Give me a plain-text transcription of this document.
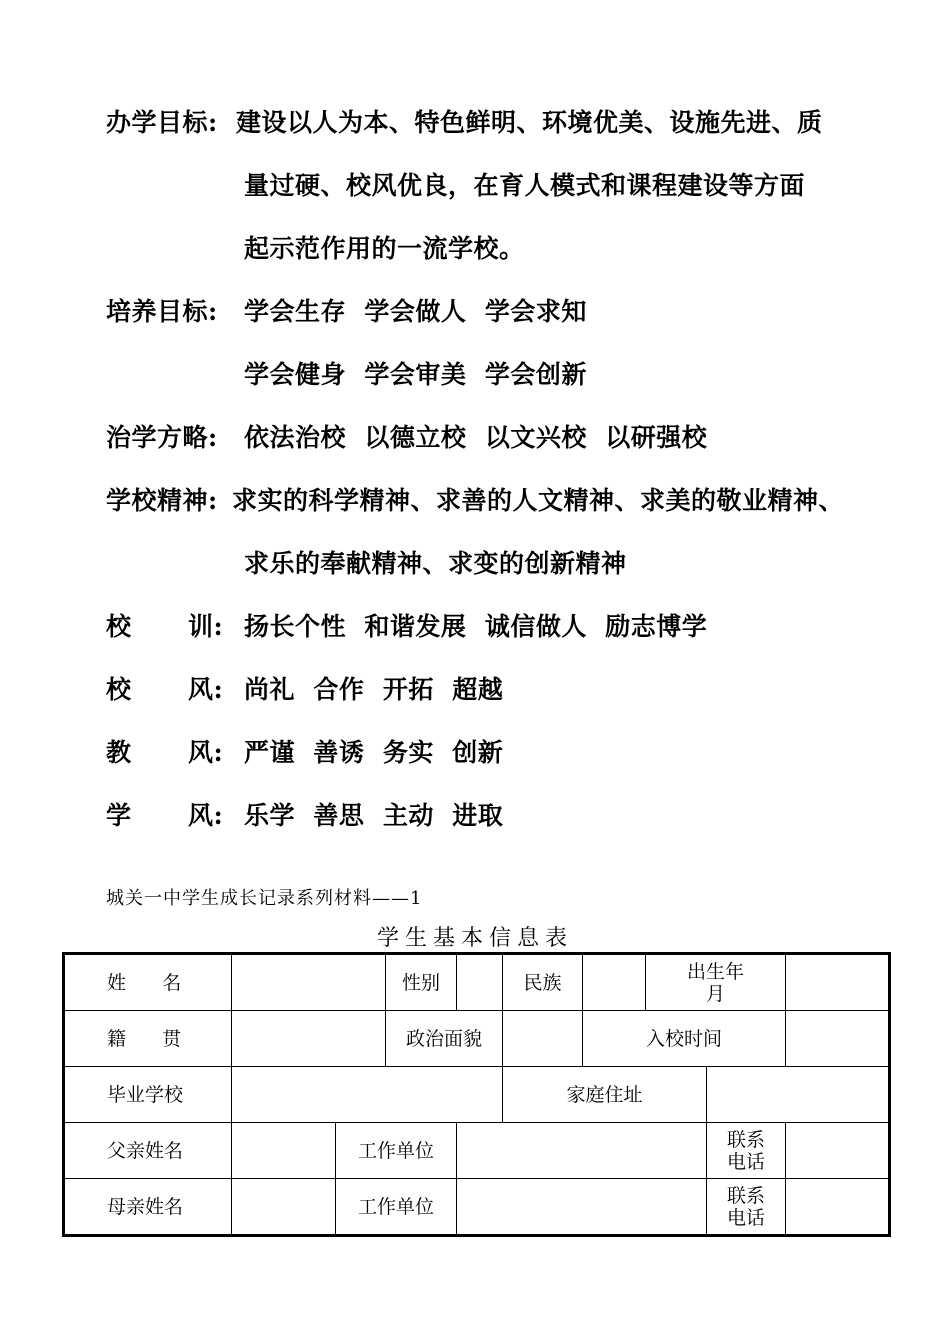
办学目标: 建设以人为本、特色鲜明、环境优美、设施先进、质
量过硬、校风优良，在育人模式和课程建设等方面
起示范作用的一流学校。
培养目标: 学会生存  学会做人  学会求知
学会健身  学会审美  学会创新
治学方略: 依法治校  以德立校  以文兴校  以研强校
学校精神: 求实的科学精神、求善的人文精神、求美的敬业精神、
求乐的奉献精神、求变的创新精神
校 训: 扬长个性  和谐发展  诚信做人  励志博学
校 风: 尚礼  合作  开拓  超越
教 风: 严谨  善诱  务实  创新
学 风: 乐学  善思  主动  进取
城关一中学生成长记录系列材料——1
学生基本信息表
姓      名			性别		民族		出生年
月		

籍      贯			政治面貌			入校时间			
毕业学校					家庭住址				
父亲姓名		工作单位						联系
电话	

母亲姓名		工作单位						联系
电话	
